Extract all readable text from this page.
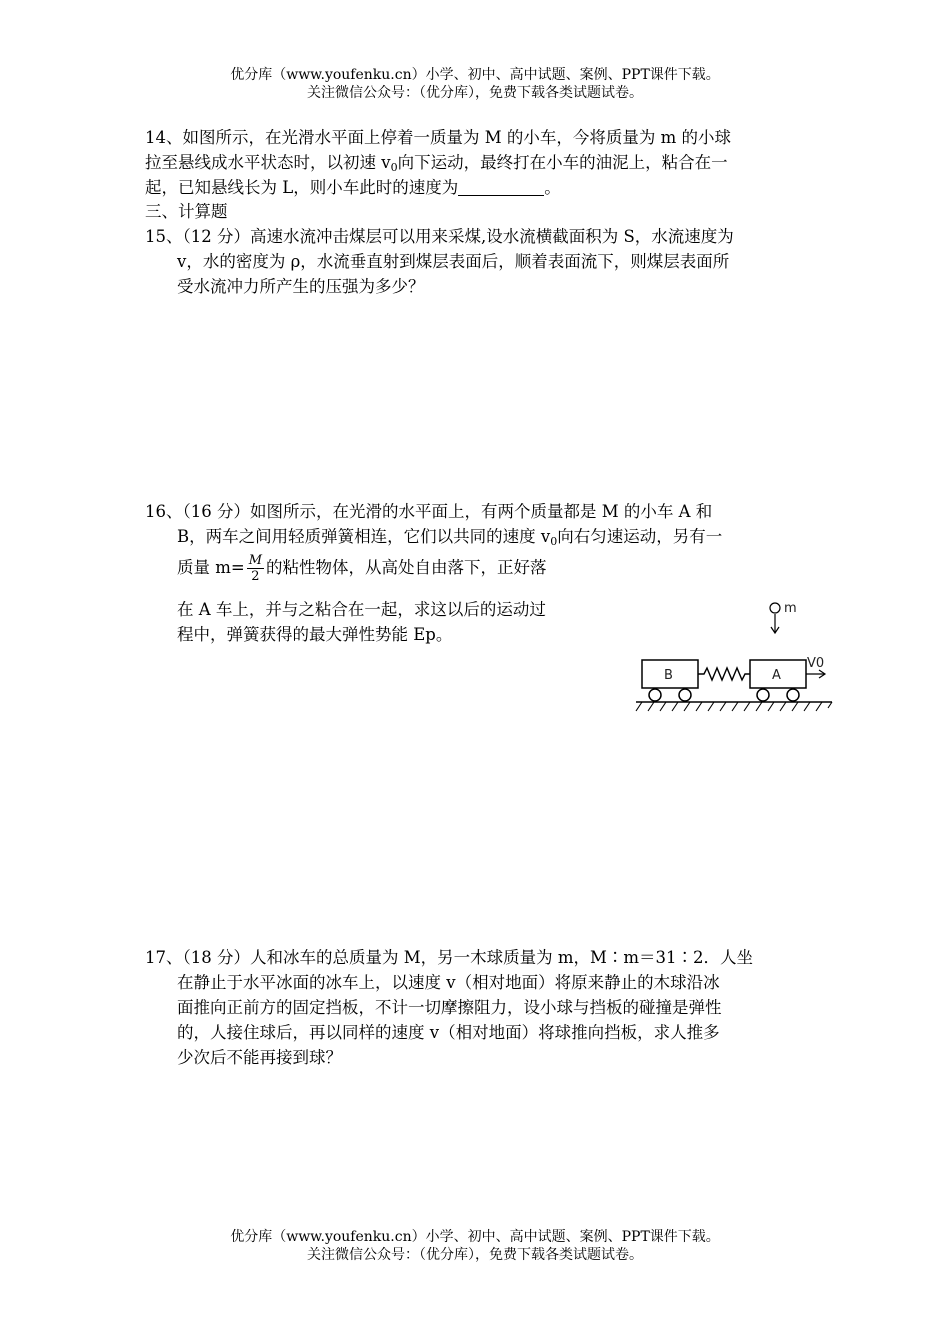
优分库（www.youfenku.cn）小学、初中、高中试题、案例、PPT课件下载。
关注微信公众号：（优分库），免费下载各类试题试卷。
14、如图所示，在光滑水平面上停着一质量为 M 的小车，今将质量为 m 的小球
拉至悬线成水平状态时，以初速 $v_0$向下运动，最终打在小车的油泥上，粘合在一
起，已知悬线长为 L，则小车此时的速度为	。
三、计算题
15、（12 分）高速水流冲击煤层可以用来采煤,设水流横截面积为 S，水流速度为
v，水的密度为 ρ，水流垂直射到煤层表面后，顺着表面流下，则煤层表面所
受水流冲力所产生的压强为多少？
16、（16 分）如图所示，在光滑的水平面上，有两个质量都是 M 的小车 A 和
B，两车之间用轻质弹簧相连，它们以共同的速度 $v_0$向右匀速运动，另有一
质量 $m= \frac{M}{2}$ 的粘性物体，从高处自由落下，正好落
在 A 车上，并与之粘合在一起，求这以后的运动过
程中，弹簧获得的最大弹性势能 Ep。
m
B	A
V0
17、（18 分）人和冰车的总质量为 M，另一木球质量为 m，M∶m＝31∶2．人坐
在静止于水平冰面的冰车上，以速度 v（相对地面）将原来静止的木球沿冰
面推向正前方的固定挡板，不计一切摩擦阻力，设小球与挡板的碰撞是弹性
的，人接住球后，再以同样的速度 v（相对地面）将球推向挡板，求人推多
少次后不能再接到球？
优分库（www.youfenku.cn）小学、初中、高中试题、案例、PPT课件下载。
关注微信公众号：（优分库），免费下载各类试题试卷。
